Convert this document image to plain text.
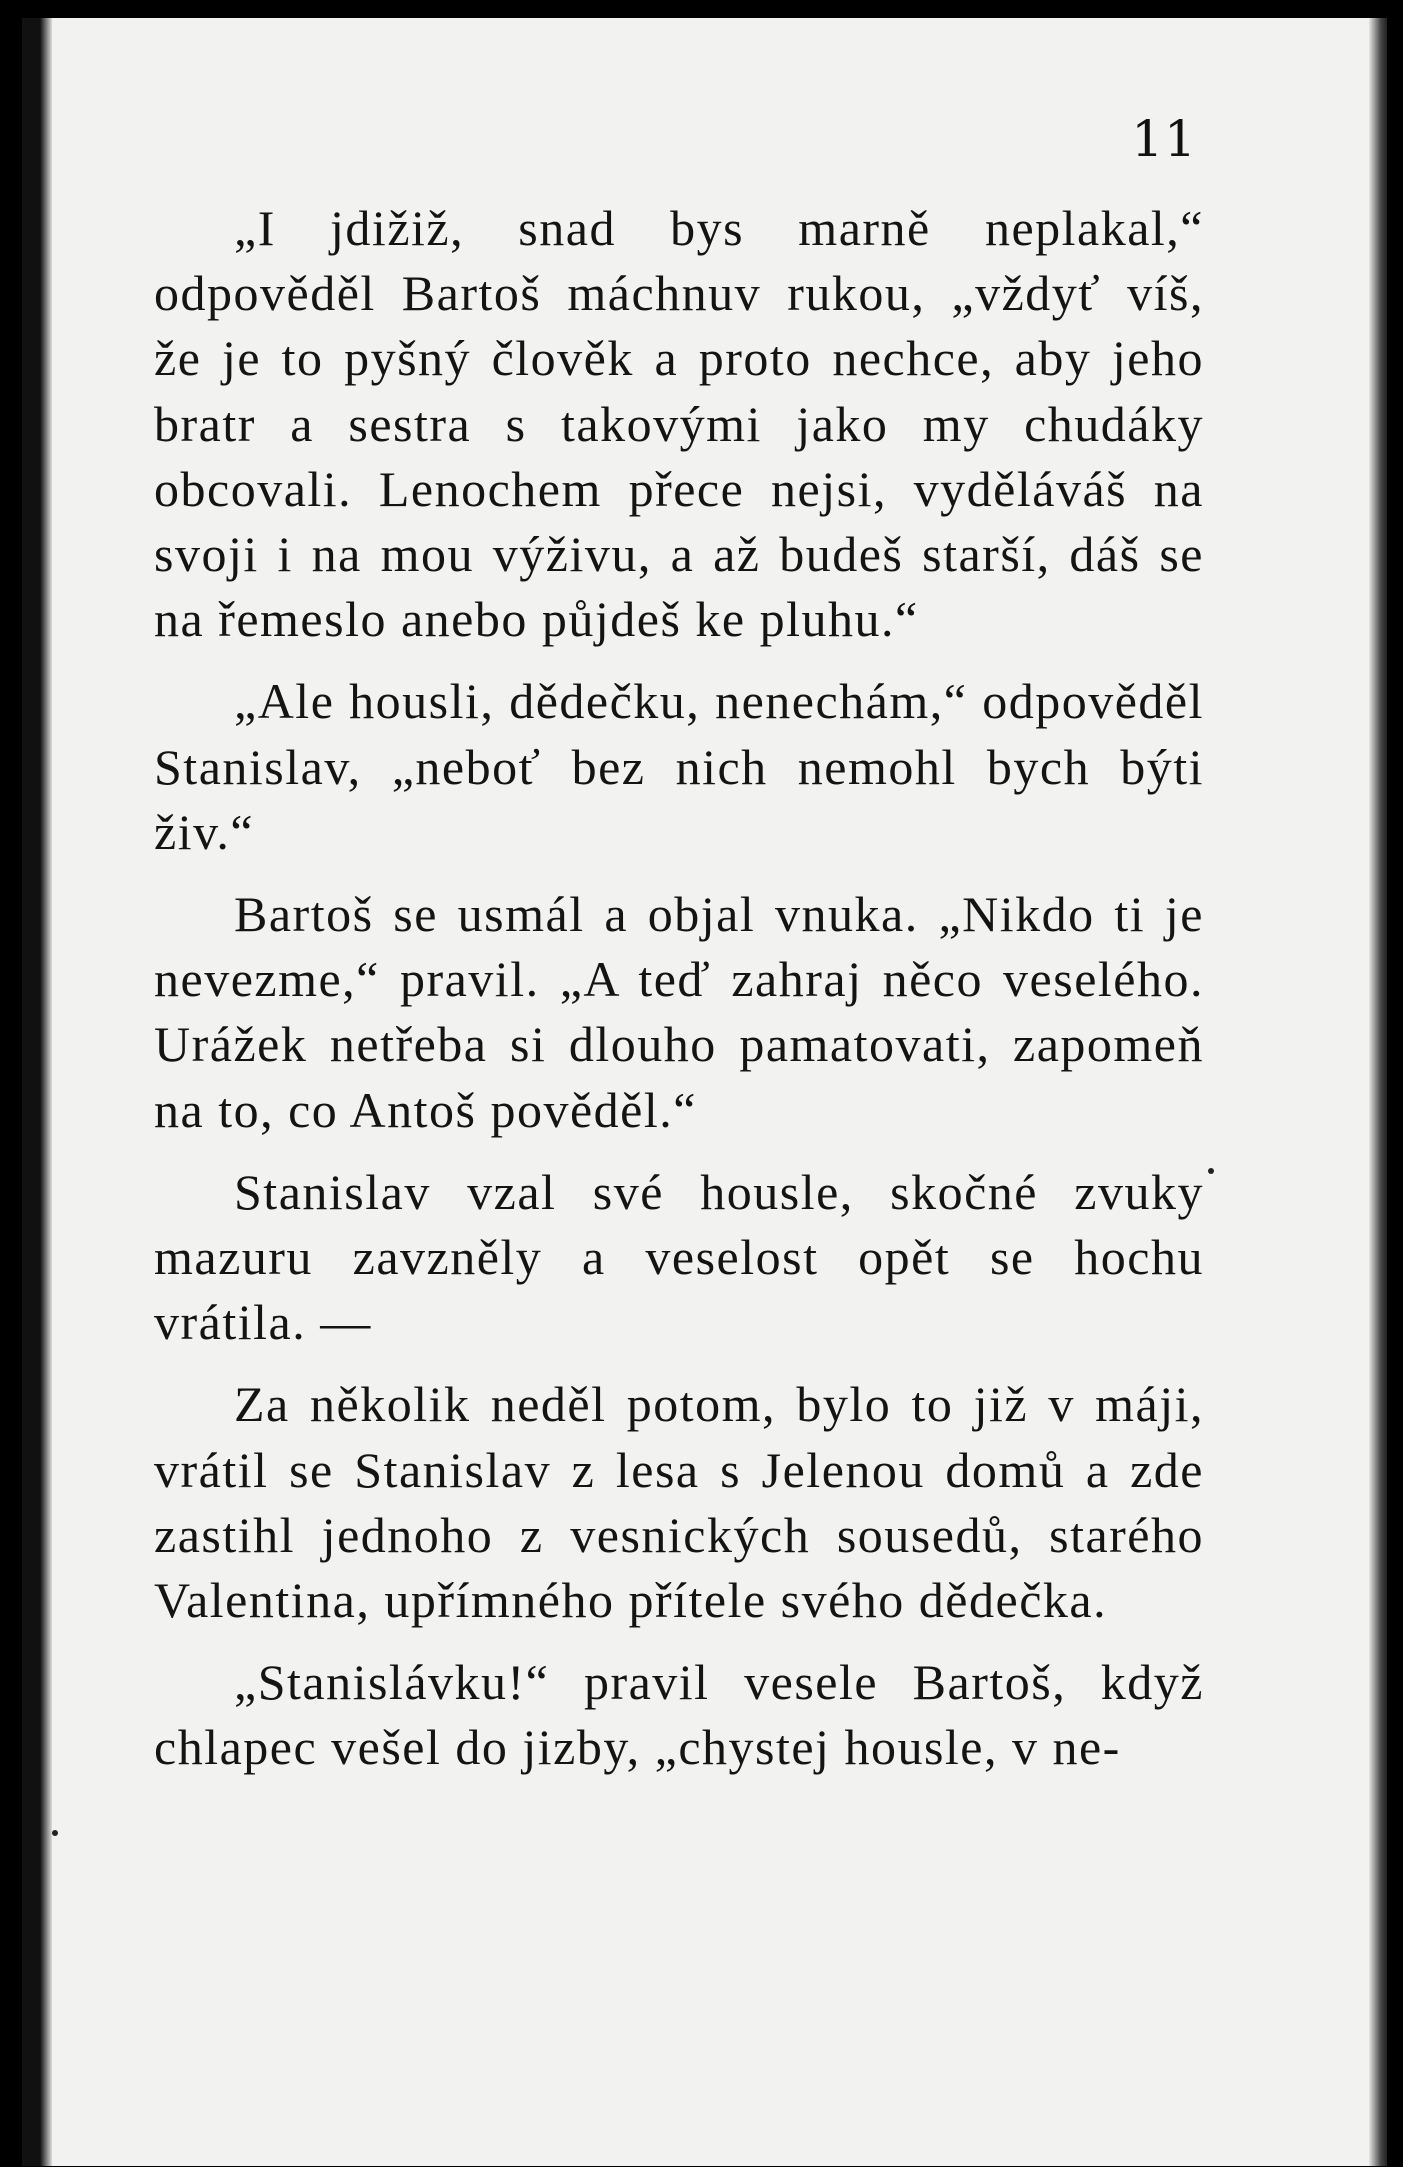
11

„I jdižiž, snad bys marně neplakal,“ odpověděl Bartoš máchnuv rukou, „vždyť víš, že je to pyšný člověk a proto nechce, aby jeho bratr a sestra s takovými jako my chudáky obcovali. Lenochem přece nejsi, vyděláváš na svoji i na mou výživu, a až budeš starší, dáš se na řemeslo anebo půjdeš ke pluhu.“

„Ale housli, dědečku, nenechám,“ odpověděl Stanislav, „neboť bez nich nemohl bych býti živ.“

Bartoš se usmál a objal vnuka. „Nikdo ti je nevezme,“ pravil. „A teď zahraj něco veselého. Urážek netřeba si dlouho pamatovati, zapomeň na to, co Antoš pověděl.“

Stanislav vzal své housle, skočné zvuky mazuru zavzněly a veselost opět se hochu vrátila. —

Za několik neděl potom, bylo to již v máji, vrátil se Stanislav z lesa s Jelenou domů a zde zastihl jednoho z vesnických sousedů, starého Valentina, upřímného přítele svého dědečka.

„Stanislávku!“ pravil vesele Bartoš, když chlapec vešel do jizby, „chystej housle, v ne-
